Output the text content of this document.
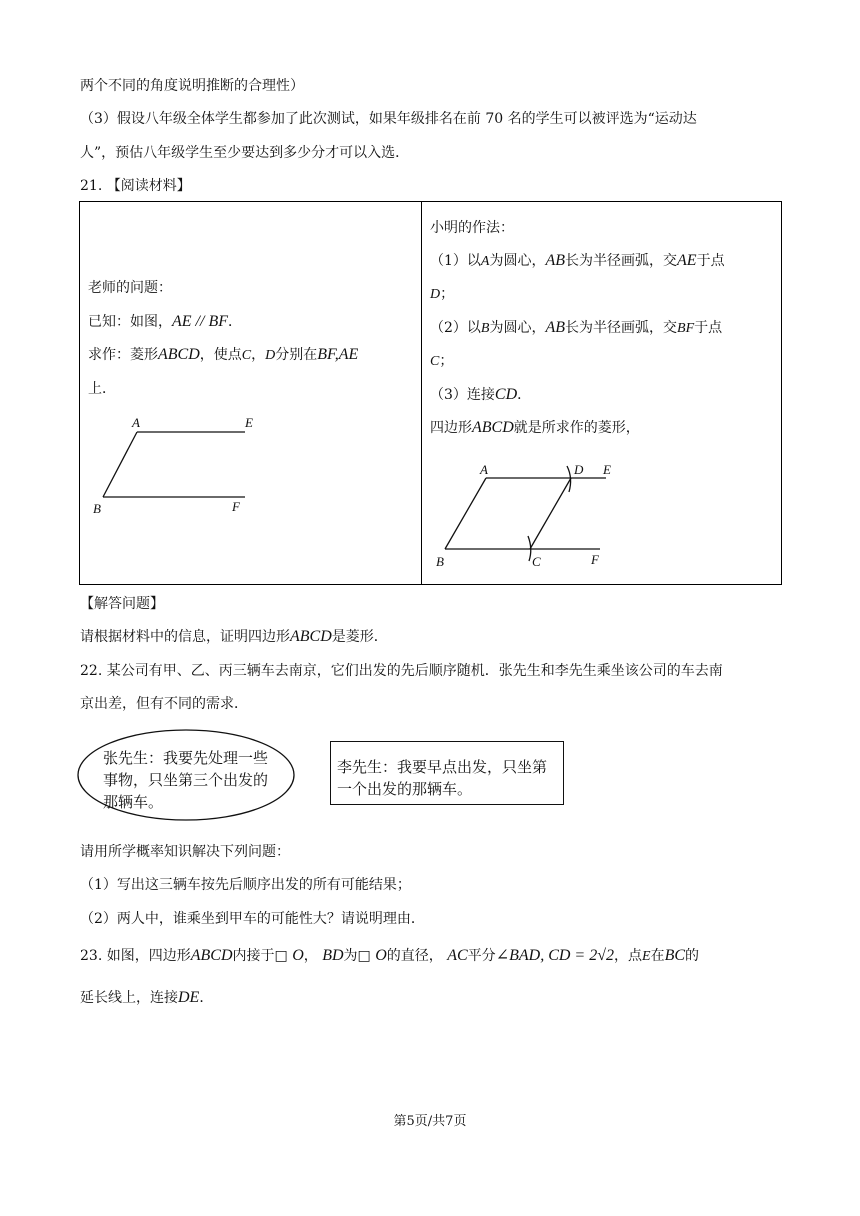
两个不同的角度说明推断的合理性）
（3）假设八年级全体学生都参加了此次测试，如果年级排名在前 70 名的学生可以被评选为“运动达
人”，预估八年级学生至少要达到多少分才可以入选．
21. 【阅读材料】
老师的问题：
已知：如图，AE // BF．
求作：菱形ABCD，使点C，D分别在BF,AE
上．
A	E
B	F

小明的作法：
（1）以A为圆心，AB长为半径画弧，交AE于点
D；
（2）以B为圆心，AB长为半径画弧，交BF于点
C；
（3）连接CD．
四边形ABCD就是所求作的菱形，
A	D E
B	C	F
【解答问题】
请根据材料中的信息，证明四边形ABCD是菱形．
22. 某公司有甲、乙、丙三辆车去南京，它们出发的先后顺序随机．张先生和李先生乘坐该公司的车去南
京出差，但有不同的需求．
张先生：我要先处理一些
事物，只坐第三个出发的
那辆车。
李先生：我要早点出发，只坐第
一个出发的那辆车。
请用所学概率知识解决下列问题：
（1）写出这三辆车按先后顺序出发的所有可能结果；
（2）两人中，谁乘坐到甲车的可能性大？请说明理由．
23. 如图，四边形ABCD内接于□ O， BD为□ O的直径， AC平分∠BAD, CD = 2√2，点E在BC的
延长线上，连接DE．
第5页/共7页
